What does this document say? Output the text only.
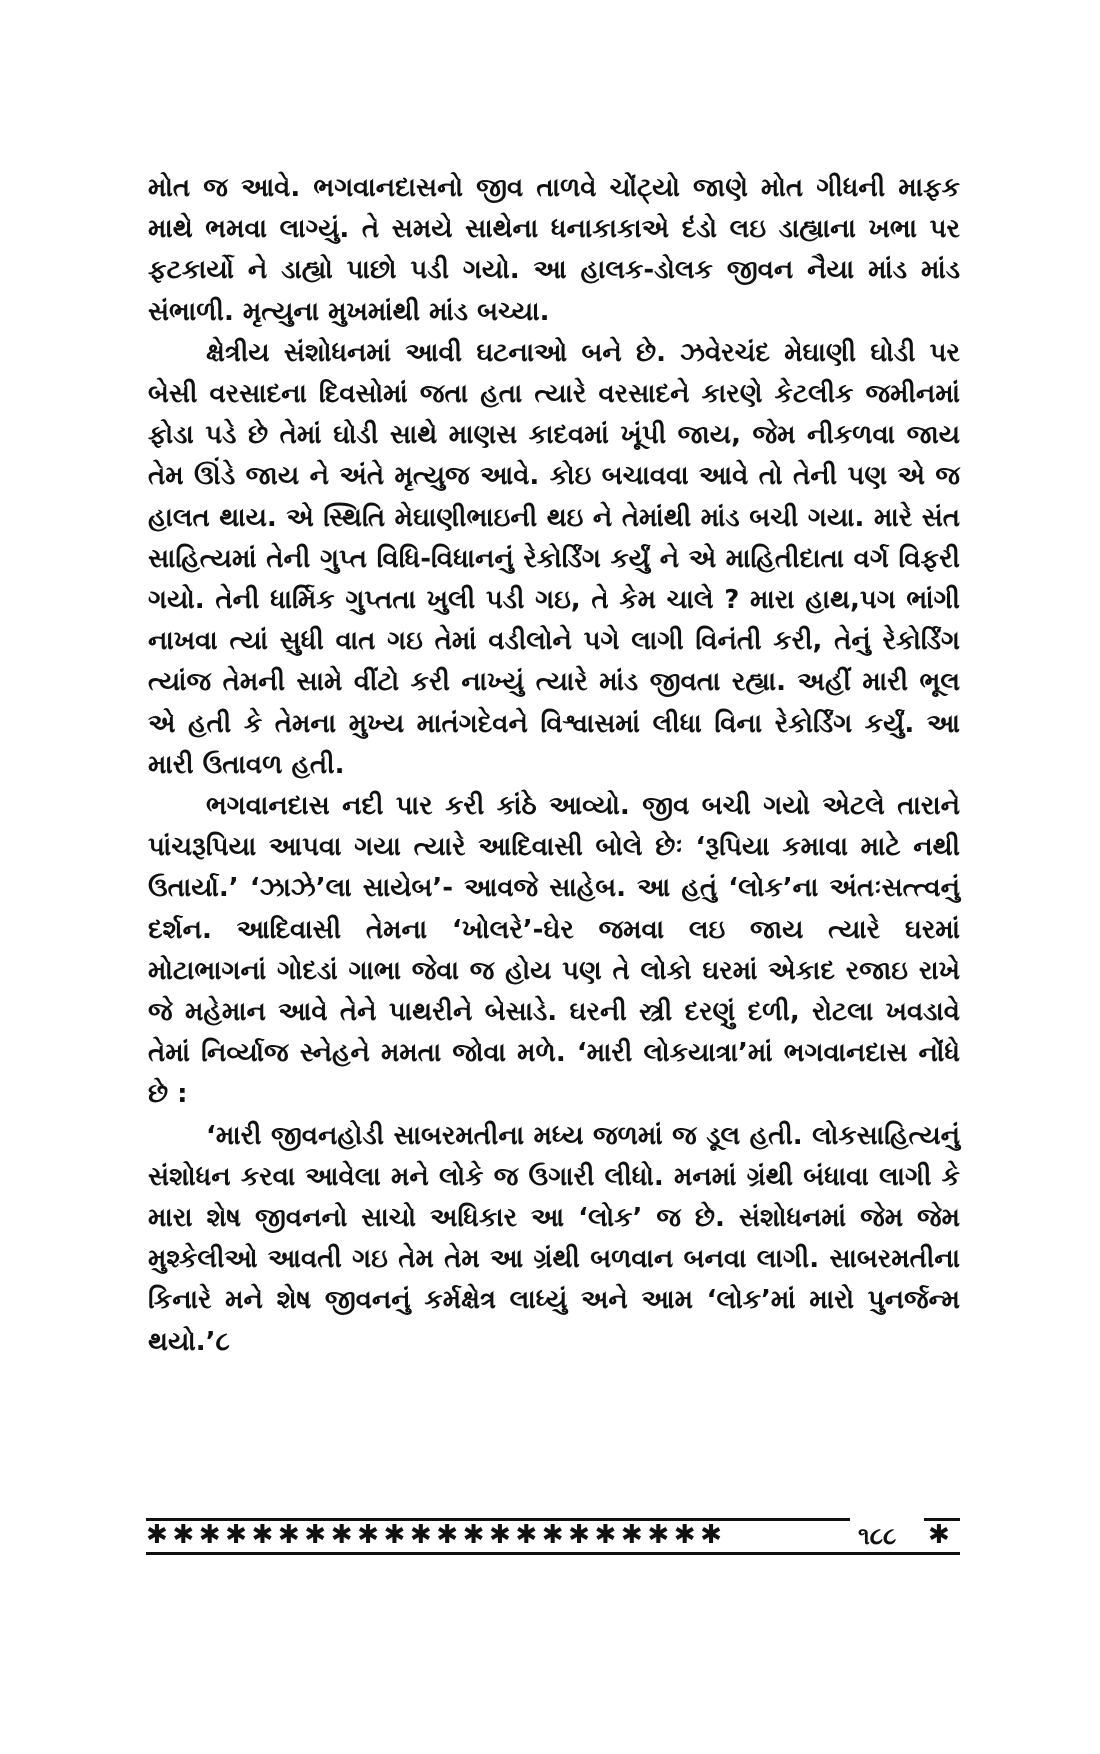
મોત જ આવે. ભગવાનદાસનો જીવ તાળવે ચોંટ્યો જાણે મોત ગીધની માફક માથે ભમવા લાગ્યું. તે સમયે સાથેના ધનાકાકાએ દંડો લઇ ડાહ્યાના ખભા પર ફટકાર્યો ને ડાહ્યો પાછો પડી ગયો. આ હાલક-ડોલક જીવન નૈયા માંડ માંડ સંભાળી. મૃત્યુના મુખમાંથી માંડ બચ્યા.

ક્ષેત્રીય સંશોધનમાં આવી ઘટનાઓ બને છે. ઝવેરચંદ મેઘાણી ઘોડી પર બેસી વરસાદના દિવસોમાં જતા હતા ત્યારે વરસાદને કારણે કેટલીક જમીનમાં ફોડા પડે છે તેમાં ઘોડી સાથે માણસ કાદવમાં ખૂંપી જાય, જેમ નીકળવા જાય તેમ ઊંડે જાય ને અંતે મૃત્યુજ આવે. કોઇ બચાવવા આવે તો તેની પણ એ જ હાલત થાય. એ સ્થિતિ મેઘાણીભાઇની થઇ ને તેમાંથી માંડ બચી ગયા. મારે સંત સાહિત્યમાં તેની ગુપ્ત વિધિ-વિધાનનું રેકોર્ડિંગ કર્યું ને એ માહિતીદાતા વર્ગ વિફરી ગયો. તેની ધાર્મિક ગુપ્તતા ખુલી પડી ગઇ, તે કેમ ચાલે ? મારા હાથ,પગ ભાંગી નાખવા ત્યાં સુધી વાત ગઇ તેમાં વડીલોને પગે લાગી વિનંતી કરી, તેનું રેકોર્ડિંગ ત્યાંજ તેમની સામે વીંટો કરી નાખ્યું ત્યારે માંડ જીવતા રહ્યા. અહીં મારી ભૂલ એ હતી કે તેમના મુખ્ય માતંગદેવને વિશ્વાસમાં લીધા વિના રેકોર્ડિંગ કર્યું. આ મારી ઉતાવળ હતી.

ભગવાનદાસ નદી પાર કરી કાંઠે આવ્યો. જીવ બચી ગયો એટલે તારાને પાંચરૂપિયા આપવા ગયા ત્યારે આદિવાસી બોલે છેઃ ‘રૂપિયા કમાવા માટે નથી ઉતાર્યા.’ ‘ઝાઝે’લા સાયેબ’- આવજે સાહેબ. આ હતું ‘લોક’ના અંતઃસત્ત્વનું દર્શન. આદિવાસી તેમના ‘ખોલરે’-ઘેર જમવા લઇ જાય ત્યારે ઘરમાં મોટાભાગનાં ગોદડાં ગાભા જેવા જ હોય પણ તે લોકો ઘરમાં એકાદ રજાઇ રાખે જે મહેમાન આવે તેને પાથરીને બેસાડે. ઘરની સ્ત્રી દરણું દળી, રોટલા ખવડાવે તેમાં નિર્વ્યાજ સ્નેહને મમતા જોવા મળે. ‘મારી લોકયાત્રા’માં ભગવાનદાસ નોંધે છે :

‘મારી જીવનહોડી સાબરમતીના મધ્ય જળમાં જ ડૂલ હતી. લોકસાહિત્યનું સંશોધન કરવા આવેલા મને લોકે જ ઉગારી લીધો. મનમાં ગ્રંથી બંધાવા લાગી કે મારા શેષ જીવનનો સાચો અધિકાર આ ‘લોક’ જ છે. સંશોધનમાં જેમ જેમ મુશ્કેલીઓ આવતી ગઇ તેમ તેમ આ ગ્રંથી બળવાન બનવા લાગી. સાબરમતીના કિનારે મને શેષ જીવનનું કર્મક્ષેત્ર લાધ્યું અને આમ ‘લોક’માં મારો પુનર્જન્મ થયો.’૮

✱✱✱✱✱✱✱✱✱✱✱✱✱✱✱✱✱✱✱✱✱✱	૧૮૮ ✱
